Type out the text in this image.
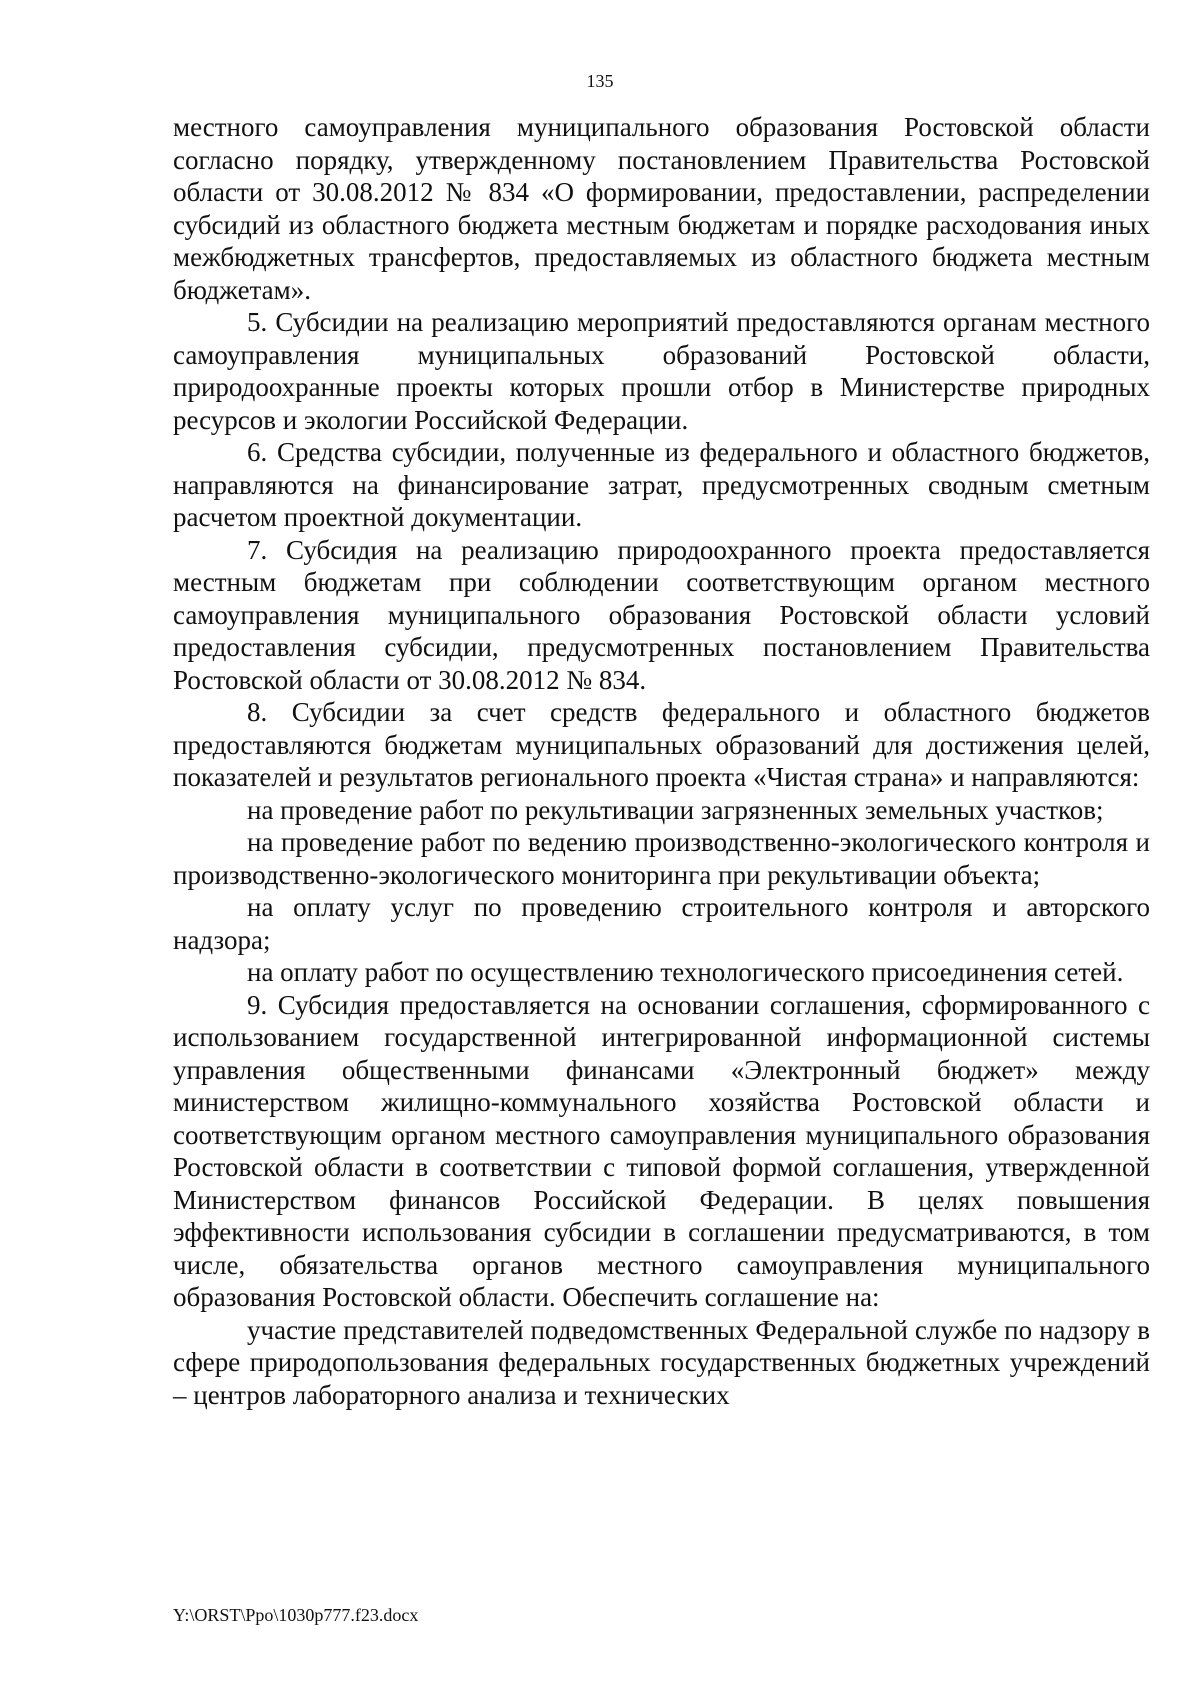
135

местного самоуправления муниципального образования Ростовской области согласно порядку, утвержденному постановлением Правительства Ростовской области от 30.08.2012 № 834 «О формировании, предоставлении, распределении субсидий из областного бюджета местным бюджетам и порядке расходования иных межбюджетных трансфертов, предоставляемых из областного бюджета местным бюджетам».

5. Субсидии на реализацию мероприятий предоставляются органам местного самоуправления муниципальных образований Ростовской области, природоохранные проекты которых прошли отбор в Министерстве природных ресурсов и экологии Российской Федерации.

6. Средства субсидии, полученные из федерального и областного бюджетов, направляются на финансирование затрат, предусмотренных сводным сметным расчетом проектной документации.

7. Субсидия на реализацию природоохранного проекта предоставляется местным бюджетам при соблюдении соответствующим органом местного самоуправления муниципального образования Ростовской области условий предоставления субсидии, предусмотренных постановлением Правительства Ростовской области от 30.08.2012 № 834.

8. Субсидии за счет средств федерального и областного бюджетов предоставляются бюджетам муниципальных образований для достижения целей, показателей и результатов регионального проекта «Чистая страна» и направляются:

на проведение работ по рекультивации загрязненных земельных участков;

на проведение работ по ведению производственно-экологического контроля и производственно-экологического мониторинга при рекультивации объекта;

на оплату услуг по проведению строительного контроля и авторского надзора;

на оплату работ по осуществлению технологического присоединения сетей.

9. Субсидия предоставляется на основании соглашения, сформированного с использованием государственной интегрированной информационной системы управления общественными финансами «Электронный бюджет» между министерством жилищно-коммунального хозяйства Ростовской области и соответствующим органом местного самоуправления муниципального образования Ростовской области в соответствии с типовой формой соглашения, утвержденной Министерством финансов Российской Федерации. В целях повышения эффективности использования субсидии в соглашении предусматриваются, в том числе, обязательства органов местного самоуправления муниципального образования Ростовской области. Обеспечить соглашение на:

участие представителей подведомственных Федеральной службе по надзору в сфере природопользования федеральных государственных бюджетных учреждений – центров лабораторного анализа и технических

Y:\ORST\Ppo\1030p777.f23.docx
